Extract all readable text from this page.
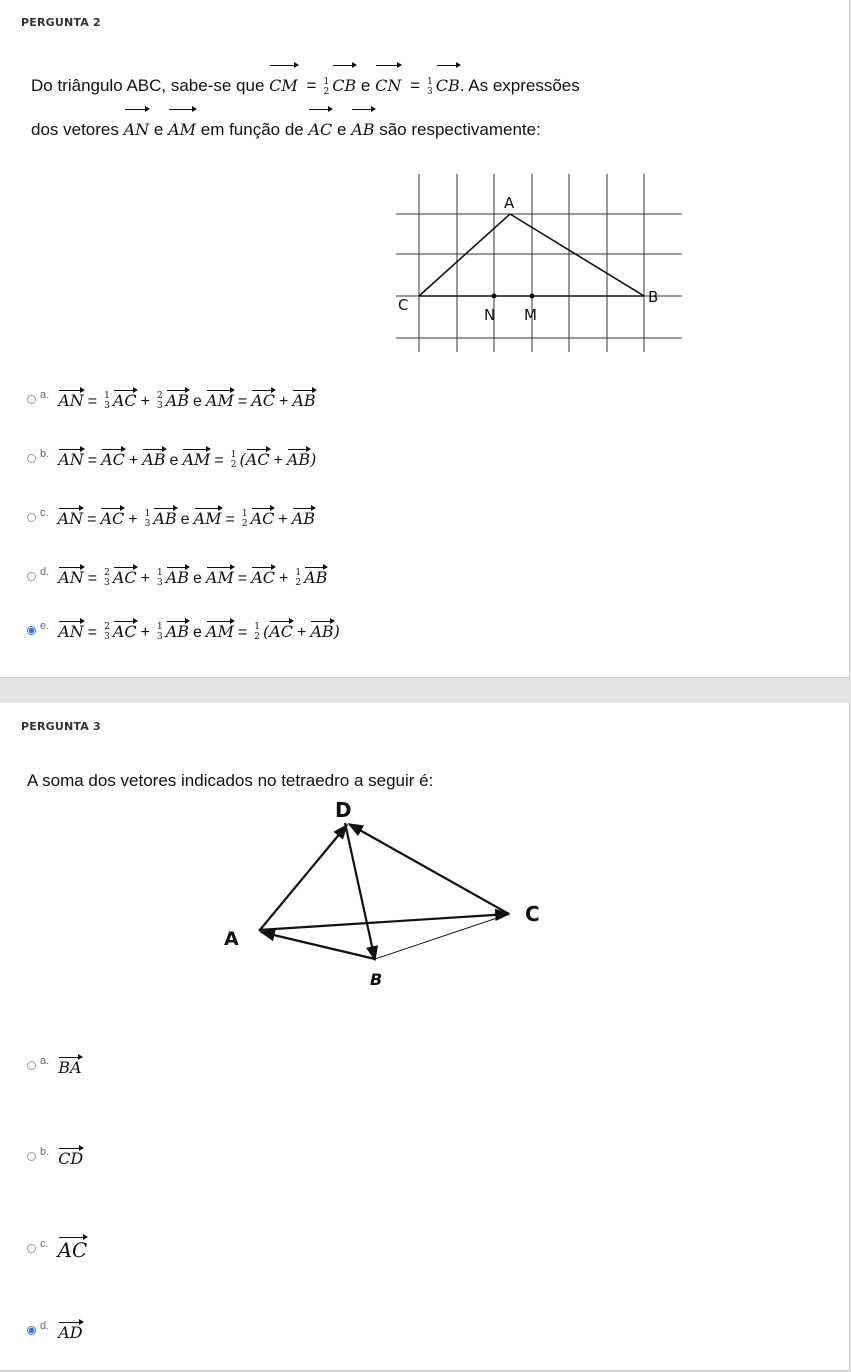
PERGUNTA 2
Do triângulo ABC, sabe-se que CM = 1
2 CB e CN = 1
3 CB. As expressões
dos vetores AN e AM em função de AC e AB são respectivamente:
A
C	B
N M
a. AN = 1
3 AC + 2
3 AB e AM = AC + AB
b. AN = AC + AB e AM = 1
2 (AC + AB)
c. AN = AC + 1
3 AB e AM = 1
2 AC + AB
d. AN = 2
3 AC + 1
3 AB e AM = AC + 1
2 AB
e. AN = 2
3 AC + 1
3 AB e AM = 1
2 (AC + AB)
PERGUNTA 3
A soma dos vetores indicados no tetraedro a seguir é:
D
C
A
B
a. BA
b. CD
c. AC
d. AD
